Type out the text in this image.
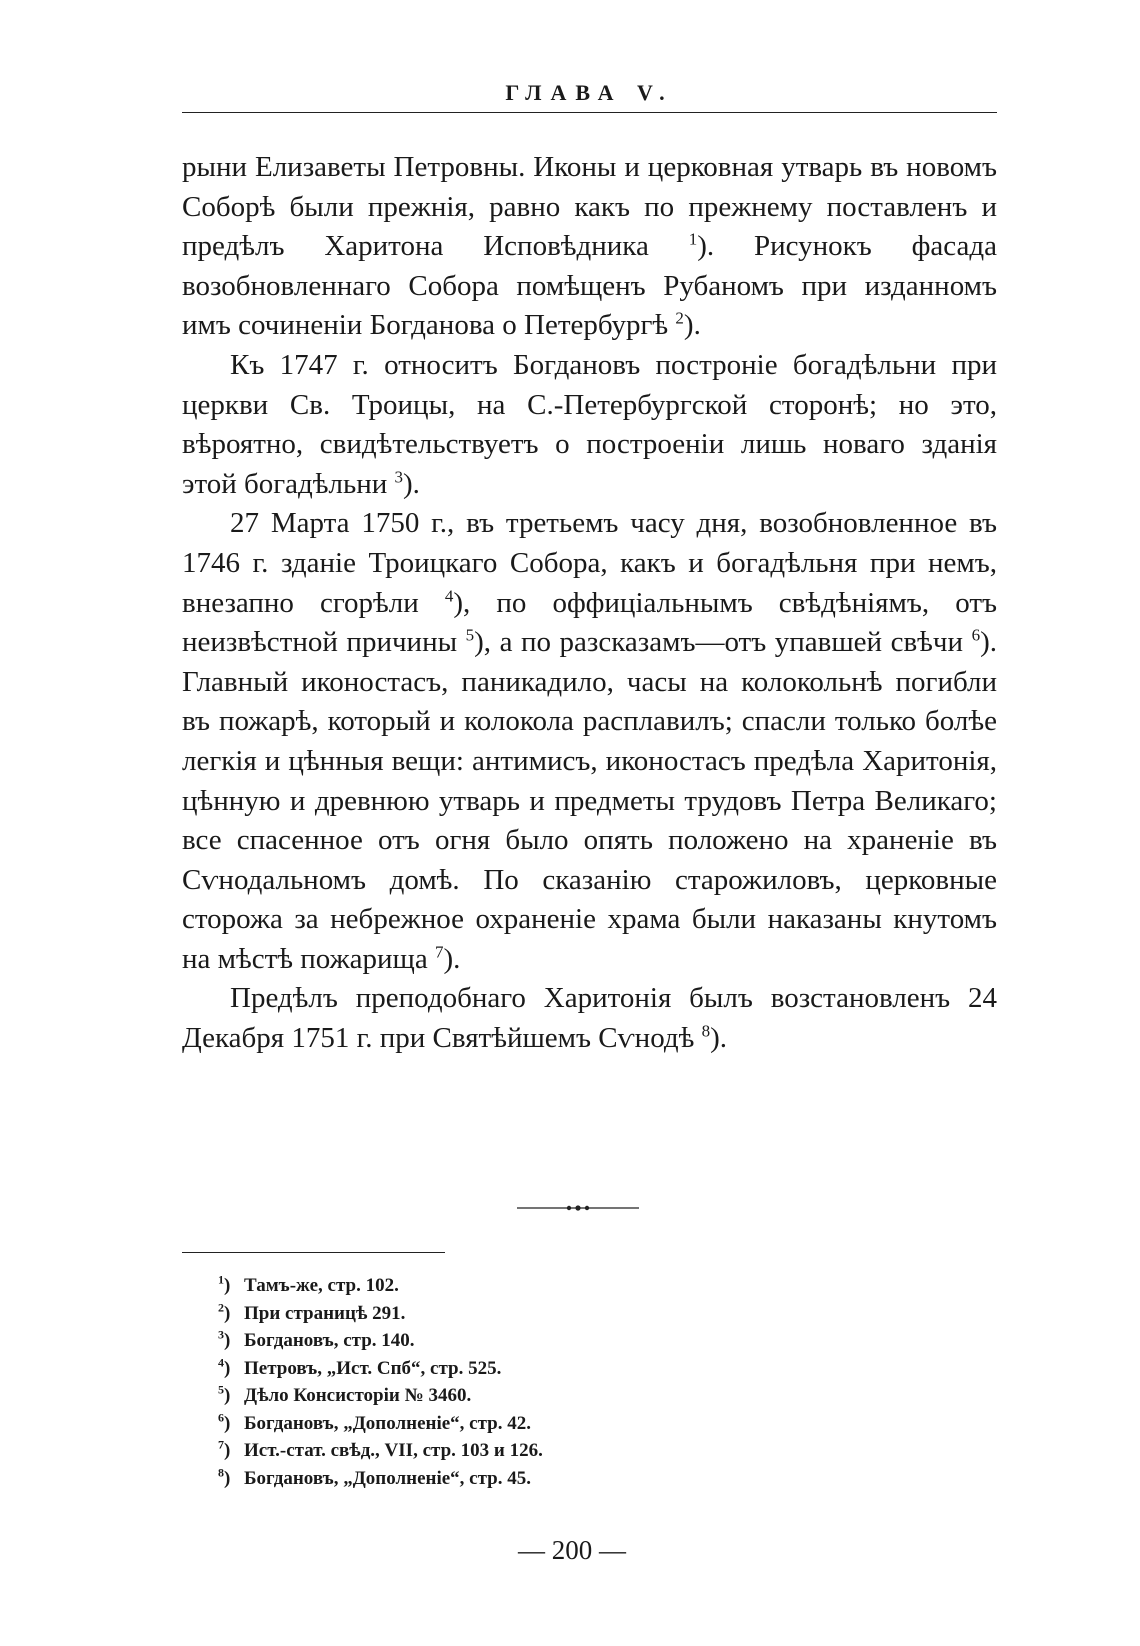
ГЛАВА V.

рыни Елизаветы Петровны. Иконы и церковная утварь въ новомъ Соборѣ были прежнія, равно какъ по прежнему поставленъ и предѣлъ Харитона Исповѣдника $^1$). Рисунокъ фасада возобновленнаго Собора помѣщенъ Рубаномъ при изданномъ имъ сочиненіи Богданова о Петербургѣ $^2$).

Къ 1747 г. относитъ Богдановъ построніе богадѣльни при церкви Св. Троицы, на С.-Петербургской сторонѣ; но это, вѣроятно, свидѣтельствуетъ о построеніи лишь новаго зданія этой богадѣльни $^3$).

27 Марта 1750 г., въ третьемъ часу дня, возобновленное въ 1746 г. зданіе Троицкаго Собора, какъ и богадѣльня при немъ, внезапно сгорѣли $^4$), по оффиціальнымъ свѣдѣніямъ, отъ неизвѣстной причины $^5$), а по разсказамъ—отъ упавшей свѣчи $^6$). Главный иконостасъ, паникадило, часы на колокольнѣ погибли въ пожарѣ, который и колокола расплавилъ; спасли только болѣе легкія и цѣнныя вещи: антимисъ, иконостасъ предѣла Харитонія, цѣнную и древнюю утварь и предметы трудовъ Петра Великаго; все спасенное отъ огня было опять положено на храненіе въ Сѵнодальномъ домѣ. По сказанію старожиловъ, церковные сторожа за небрежное охраненіе храма были наказаны кнутомъ на мѣстѣ пожарища $^7$).

Предѣлъ преподобнаго Харитонія былъ возстановленъ 24 Декабря 1751 г. при Святѣйшемъ Сѵнодѣ $^8$).

$^1$) Тамъ-же, стр. 102.
$^2$) При страницѣ 291.
$^3$) Богдановъ, стр. 140.
$^4$) Петровъ, „Ист. Спб“, стр. 525.
$^5$) Дѣло Консисторіи № 3460.
$^6$) Богдановъ, „Дополненіе“, стр. 42.
$^7$) Ист.-стат. свѣд., VII, стр. 103 и 126.
$^8$) Богдановъ, „Дополненіе“, стр. 45.
— 200 —
